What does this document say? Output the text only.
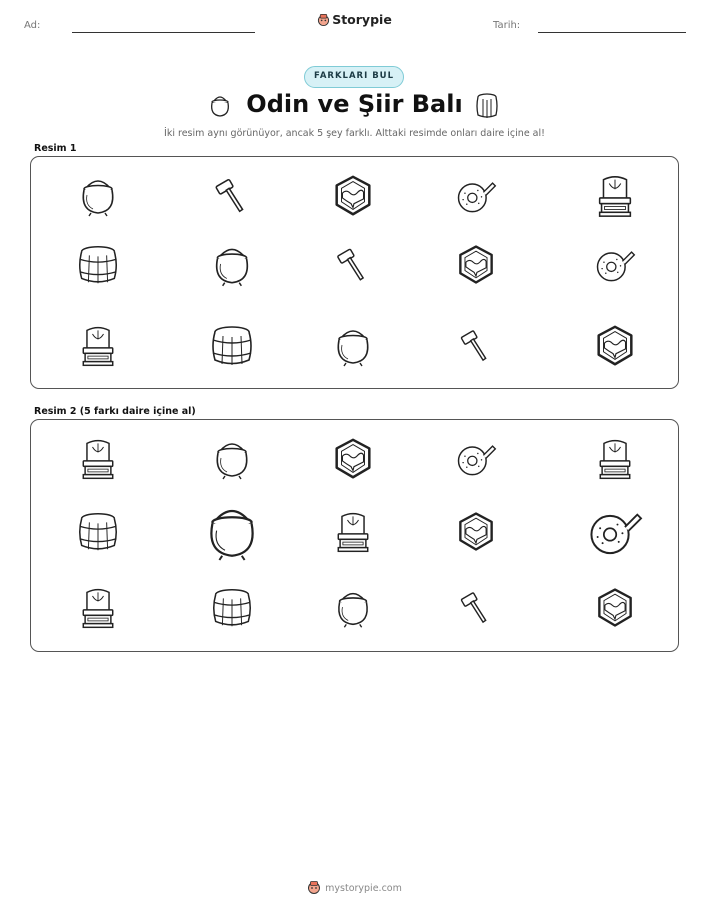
Ad:	Storypie	Tarih:
FARKLARI BUL
Odin ve Şiir Balı
İki resim aynı görünüyor, ancak 5 şey farklı. Alttaki resimde onları daire içine al!
Resim 1
Resim 2 (5 farkı daire içine al)
mystorypie.com
